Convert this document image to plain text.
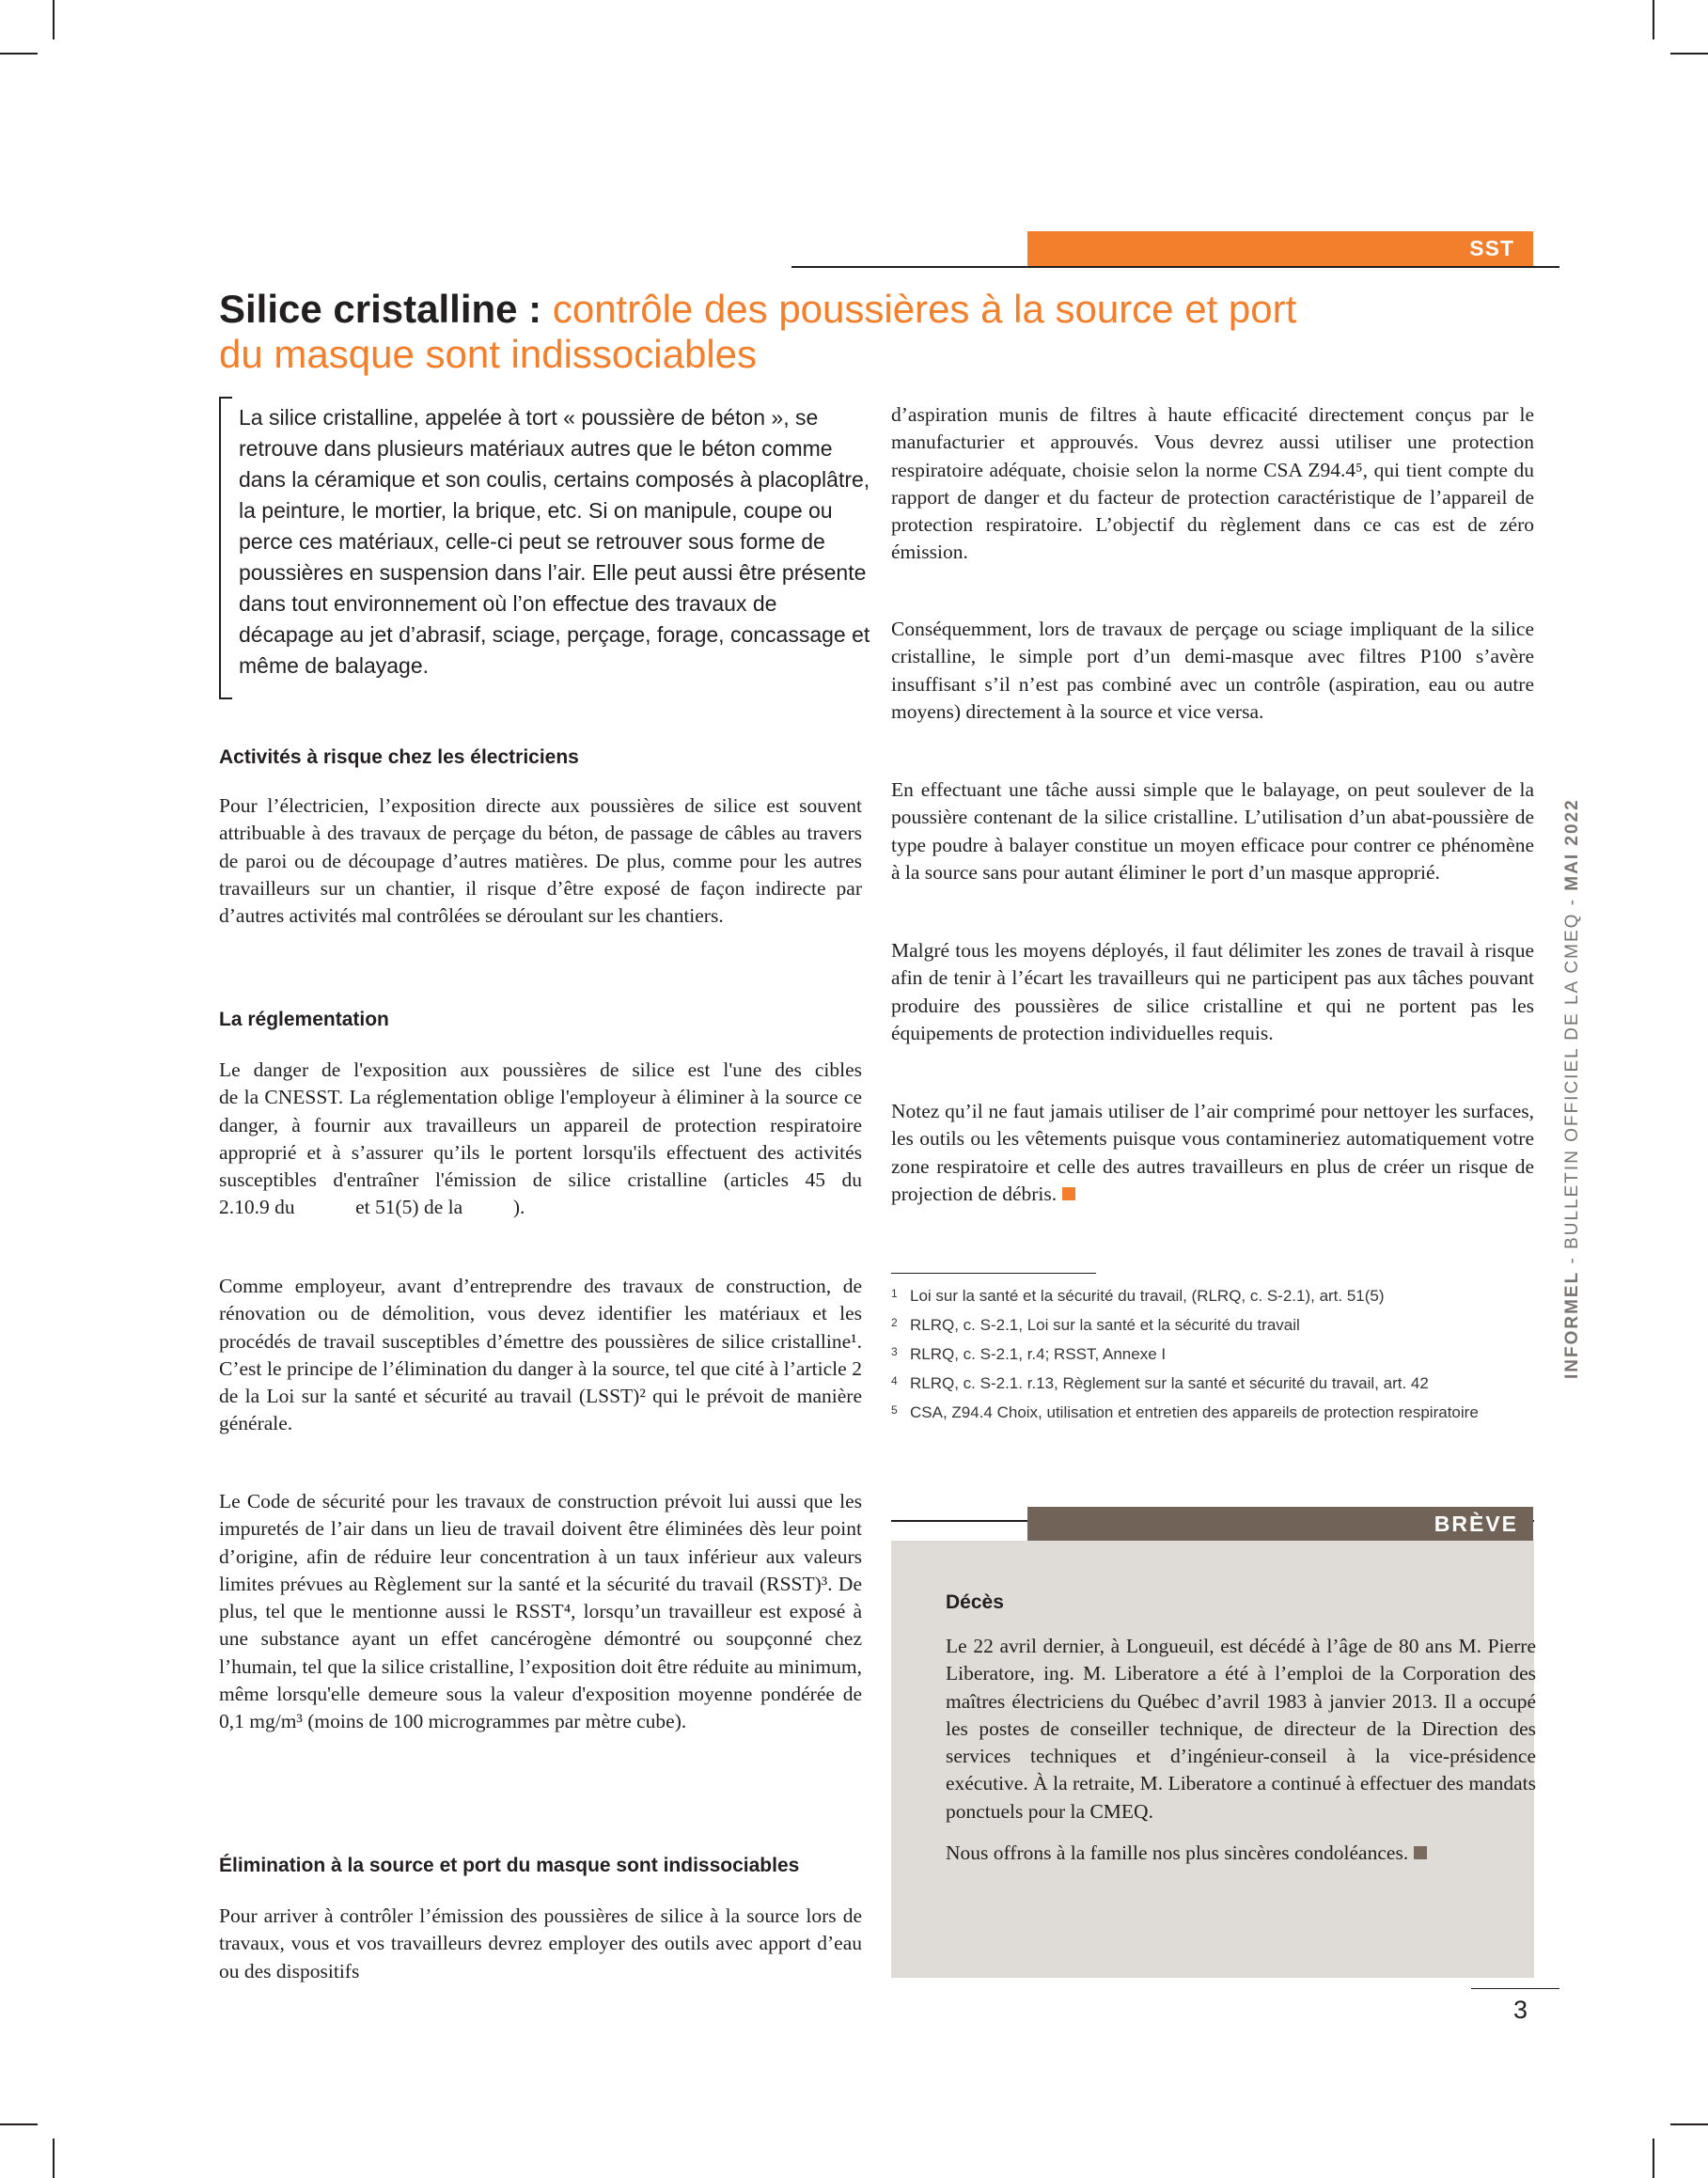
SST
Silice cristalline : contrôle des poussières à la source et port du masque sont indissociables

La silice cristalline, appelée à tort « poussière de béton », se retrouve dans plusieurs matériaux autres que le béton comme dans la céramique et son coulis, certains composés à placoplâtre, la peinture, le mortier, la brique, etc. Si on manipule, coupe ou perce ces matériaux, celle-ci peut se retrouver sous forme de poussières en suspension dans l’air. Elle peut aussi être présente dans tout environnement où l’on effectue des travaux de décapage au jet d’abrasif, sciage, perçage, forage, concassage et même de balayage.

Activités à risque chez les électriciens

Pour l’électricien, l’exposition directe aux poussières de silice est souvent attribuable à des travaux de perçage du béton, de passage de câbles au travers de paroi ou de découpage d’autres matières. De plus, comme pour les autres travailleurs sur un chantier, il risque d’être exposé de façon indirecte par d’autres activités mal contrôlées se déroulant sur les chantiers.

La réglementation

Le danger de l'exposition aux poussières de silice est l'une des cibles                    de la CNESST. La réglementation oblige l'employeur à éliminer à la source ce danger, à fournir aux travailleurs un appareil de protection respiratoire approprié et à s’assurer qu’ils le portent lorsqu'ils effectuent des activités susceptibles d'entraîner l'émission de silice cristalline (articles 45 du            2.10.9 du            et 51(5) de la          ).

Comme employeur, avant d’entreprendre des travaux de construction, de rénovation ou de démolition, vous devez identifier les matériaux et les procédés de travail susceptibles d’émettre des poussières de silice cristalline¹. C’est le principe de l’élimination du danger à la source, tel que cité à l’article 2 de la Loi sur la santé et sécurité au travail (LSST)² qui le prévoit de manière générale.

Le Code de sécurité pour les travaux de construction prévoit lui aussi que les impuretés de l’air dans un lieu de travail doivent être éliminées dès leur point d’origine, afin de réduire leur concentration à un taux inférieur aux valeurs limites prévues au Règlement sur la santé et la sécurité du travail (RSST)³. De plus, tel que le mentionne aussi le RSST⁴, lorsqu’un travailleur est exposé à une substance ayant un effet cancérogène démontré ou soupçonné chez l’humain, tel que la silice cristalline, l’exposition doit être réduite au minimum, même lorsqu'elle demeure sous la valeur d'exposition moyenne pondérée de 0,1 mg/m³ (moins de 100 microgrammes par mètre cube).

Élimination à la source et port du masque sont indissociables

Pour arriver à contrôler l’émission des poussières de silice à la source lors de travaux, vous et vos travailleurs devrez employer des outils avec apport d’eau ou des dispositifs

d’aspiration munis de filtres à haute efficacité directement conçus par le manufacturier et approuvés. Vous devrez aussi utiliser une protection respiratoire adéquate, choisie selon la norme CSA Z94.4⁵, qui tient compte du rapport de danger et du facteur de protection caractéristique de l’appareil de protection respiratoire. L’objectif du règlement dans ce cas est de zéro émission.

Conséquemment, lors de travaux de perçage ou sciage impliquant de la silice cristalline, le simple port d’un demi-masque avec filtres P100 s’avère insuffisant s’il n’est pas combiné avec un contrôle (aspiration, eau ou autre moyens) directement à la source et vice versa.

En effectuant une tâche aussi simple que le balayage, on peut soulever de la poussière contenant de la silice cristalline. L’utilisation d’un abat-poussière de type poudre à balayer constitue un moyen efficace pour contrer ce phénomène à la source sans pour autant éliminer le port d’un masque approprié.

Malgré tous les moyens déployés, il faut délimiter les zones de travail à risque afin de tenir à l’écart les travailleurs qui ne participent pas aux tâches pouvant produire des poussières de silice cristalline et qui ne portent pas les équipements de protection individuelles requis.

Notez qu’il ne faut jamais utiliser de l’air comprimé pour nettoyer les surfaces, les outils ou les vêtements puisque vous contamineriez automatiquement votre zone respiratoire et celle des autres travailleurs en plus de créer un risque de projection de débris.

1 Loi sur la santé et la sécurité du travail, (RLRQ, c. S-2.1), art. 51(5)
2 RLRQ, c. S-2.1, Loi sur la santé et la sécurité du travail
3 RLRQ, c. S-2.1, r.4; RSST, Annexe I
4 RLRQ, c. S-2.1. r.13, Règlement sur la santé et sécurité du travail, art. 42
5 CSA, Z94.4 Choix, utilisation et entretien des appareils de protection respiratoire
BRÈVE
Décès

Le 22 avril dernier, à Longueuil, est décédé à l’âge de 80 ans M. Pierre Liberatore, ing. M. Liberatore a été à l’emploi de la Corporation des maîtres électriciens du Québec d’avril 1983 à janvier 2013. Il a occupé les postes de conseiller technique, de directeur de la Direction des services techniques et d’ingénieur-conseil à la vice-présidence exécutive. À la retraite, M. Liberatore a continué à effectuer des mandats ponctuels pour la CMEQ.

Nous offrons à la famille nos plus sincères condoléances.

3
INFORMEL - BULLETIN OFFICIEL DE LA CMEQ - MAI 2022
